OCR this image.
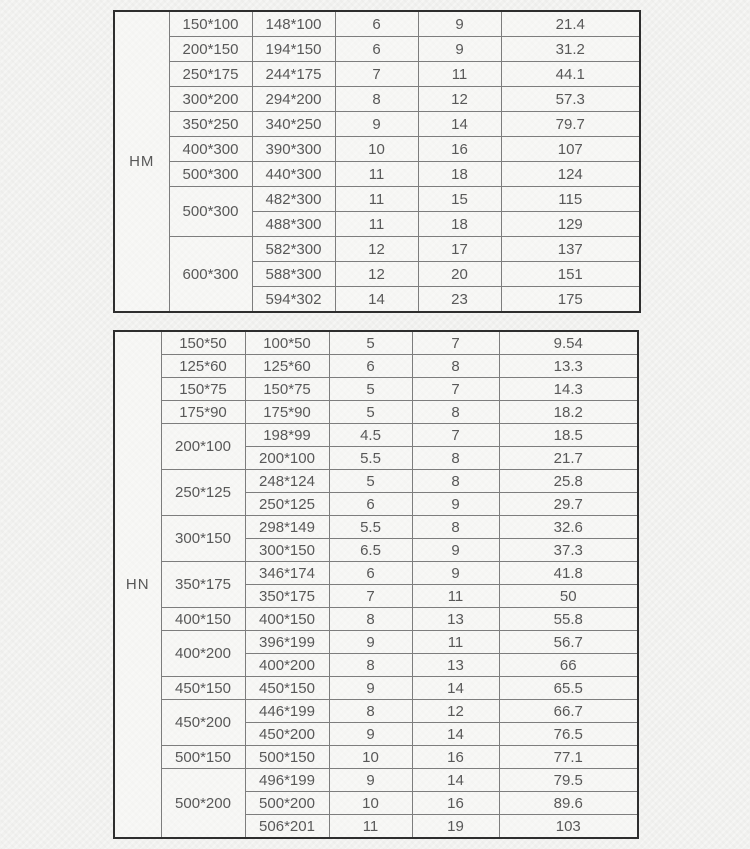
HM	150*100	148*100	6	9	21.4
	200*150	194*150	6	9	31.2
	250*175	244*175	7	11	44.1
	300*200	294*200	8	12	57.3
	350*250	340*250	9	14	79.7
	400*300	390*300	10	16	107
	500*300	440*300	11	18	124
	500*300	482*300	11	15	115
		488*300	11	18	129
	600*300	582*300	12	17	137
		588*300	12	20	151
		594*302	14	23	175
HN	150*50	100*50	5	7	9.54
	125*60	125*60	6	8	13.3
	150*75	150*75	5	7	14.3
	175*90	175*90	5	8	18.2
	200*100	198*99	4.5	7	18.5
		200*100	5.5	8	21.7
	250*125	248*124	5	8	25.8
		250*125	6	9	29.7
	300*150	298*149	5.5	8	32.6
		300*150	6.5	9	37.3
	350*175	346*174	6	9	41.8
		350*175	7	11	50
	400*150	400*150	8	13	55.8
	400*200	396*199	9	11	56.7
		400*200	8	13	66
	450*150	450*150	9	14	65.5
	450*200	446*199	8	12	66.7
		450*200	9	14	76.5
	500*150	500*150	10	16	77.1
	500*200	496*199	9	14	79.5
		500*200	10	16	89.6
		506*201	11	19	103
